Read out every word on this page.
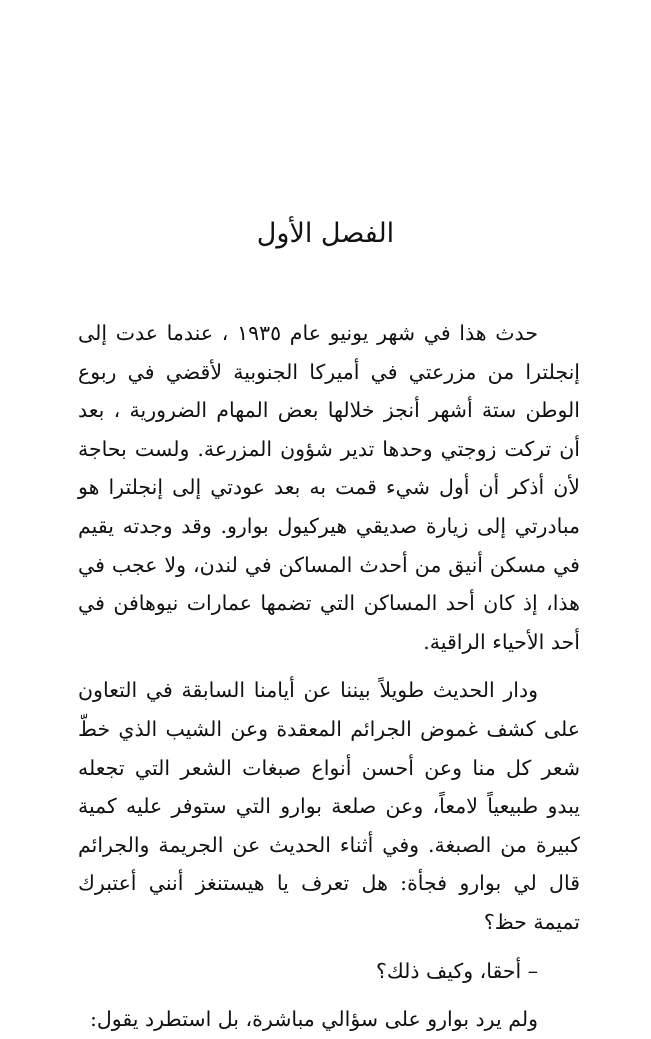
الفصل الأول

حدث هذا في شهر يونيو عام ١٩٣٥ ، عندما عدت إلى إنجلترا من مزرعتي في أميركا الجنوبية لأقضي في ربوع الوطن ستة أشهر أنجز خلالها بعض المهام الضرورية ، بعد أن تركت زوجتي وحدها تدير شؤون المزرعة. ولست بحاجة لأن أذكر أن أول شيء قمت به بعد عودتي إلى إنجلترا هو مبادرتي إلى زيارة صديقي هيركيول بوارو. وقد وجدته يقيم في مسكن أنيق من أحدث المساكن في لندن، ولا عجب في هذا، إذ كان أحد المساكن التي تضمها عمارات نيوهافن في أحد الأحياء الراقية.

ودار الحديث طويلاً بيننا عن أيامنا السابقة في التعاون على كشف غموض الجرائم المعقدة وعن الشيب الذي خطّ شعر كل منا وعن أحسن أنواع صبغات الشعر التي تجعله يبدو طبيعياً لامعاً، وعن صلعة بوارو التي ستوفر عليه كمية كبيرة من الصبغة. وفي أثناء الحديث عن الجريمة والجرائم قال لي بوارو فجأة: هل تعرف يا هيستنغز أنني أعتبرك تميمة حظ؟

– أحقا، وكيف ذلك؟

ولم يرد بوارو على سؤالي مباشرة، بل استطرد يقول:
